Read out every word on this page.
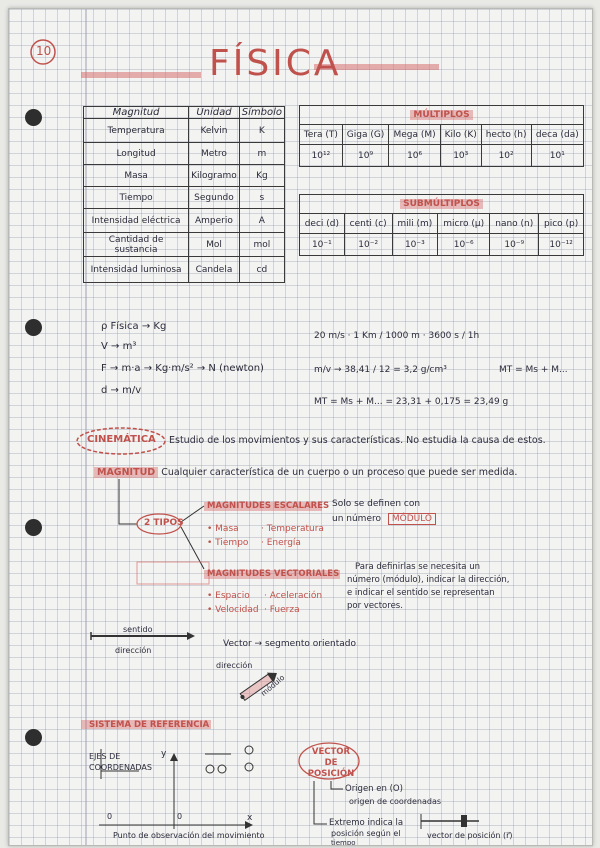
10	FÍSICA
Magnitud	Unidad	Símbolo
Temperatura	Kelvin	K
Longitud	Metro	m
Masa	Kilogramo	Kg
Tiempo	Segundo	s
Intensidad eléctrica	Amperio	A
Cantidad de sustancia	Mol	mol
Intensidad luminosa	Candela	cd
MÚLTIPLOS					
Tera (T)	Giga (G)	Mega (M)	Kilo (K)	hecto (h)	deca (da)
10¹²	10⁹	10⁶	10³	10²	10¹
SUBMÚLTIPLOS					
deci (d)	centi (c)	mili (m)	micro (µ)	nano (n)	pico (p)
10⁻¹	10⁻²	10⁻³	10⁻⁶	10⁻⁹	10⁻¹²
ρ Física → Kg
V → m³
F → m·a → Kg·m/s² → N (newton)
d → m/v
20 m/s · 1 Km / 1000 m · 3600 s / 1h
m/v → 38,41 / 12 = 3,2 g/cm³	MT = Ms + M...
MT = Ms + M... = 23,31 + 0,175 = 23,49 g
CINEMÁTICA Estudio de los movimientos y sus características. No estudia la causa de estos.
MAGNITUD Cualquier característica de un cuerpo o un proceso que puede ser medida.
2 TIPOS
MAGNITUDES ESCALARES Solo se definen con
un número MÓDULO
• Masa
• Tiempo
· Temperatura
· Energía
MAGNITUDES VECTORIALES
Para definirlas se necesita un
número (módulo), indicar la dirección,
e indicar el sentido se representan
por vectores.
• Espacio
• Velocidad
· Aceleración
· Fuerza
sentido
dirección
Vector → segmento orientado
dirección
módulo
SISTEMA DE REFERENCIA
EJES DE COORDENADAS
y
x
0	0
Punto de observación del movimiento
VECTOR DE POSICIÓN
Origen en (O)
origen de coordenadas
Extremo indica la
posición según el
tiempo
vector de posición (r⃗)
